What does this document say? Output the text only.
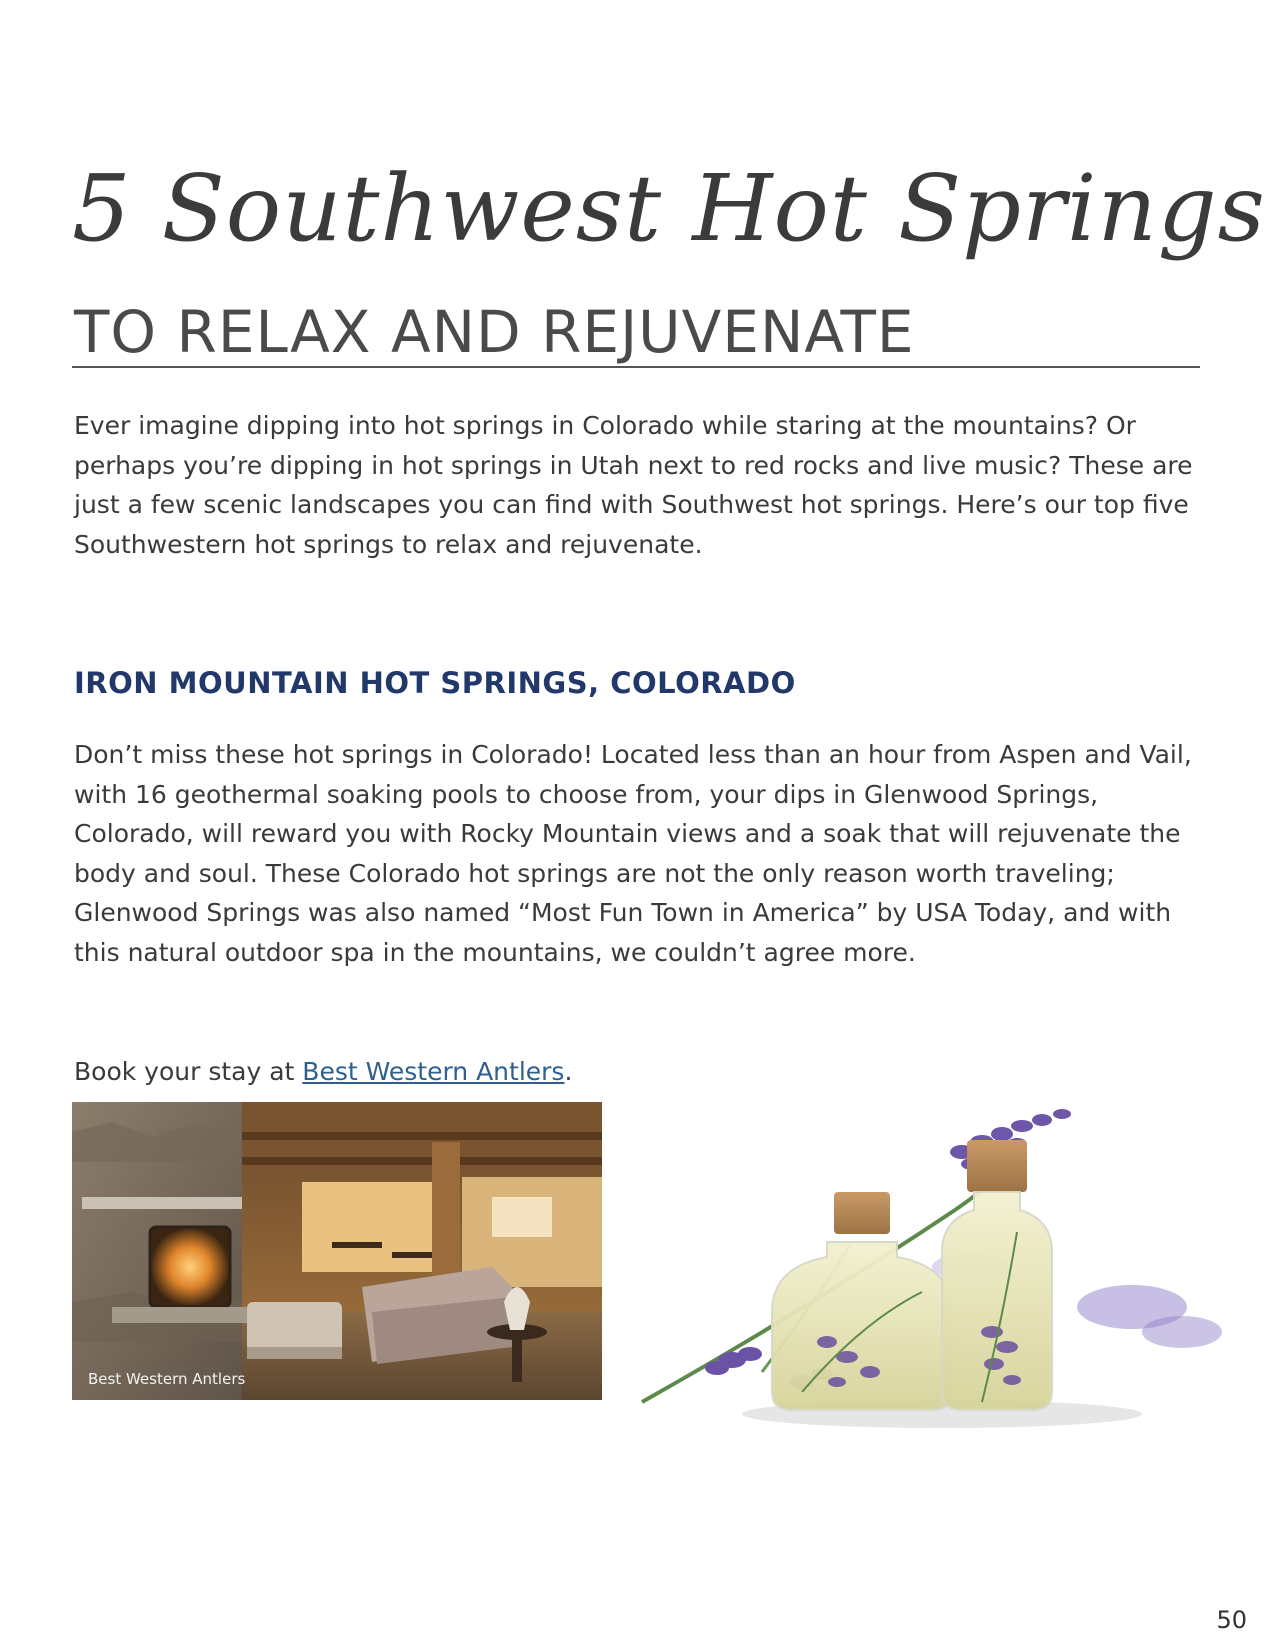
5 Southwest Hot Springs
TO RELAX AND REJUVENATE

Ever imagine dipping into hot springs in Colorado while staring at the mountains? Or perhaps you’re dipping in hot springs in Utah next to red rocks and live music? These are just a few scenic landscapes you can find with Southwest hot springs. Here’s our top five Southwestern hot springs to relax and rejuvenate.

IRON MOUNTAIN HOT SPRINGS, COLORADO

Don’t miss these hot springs in Colorado! Located less than an hour from Aspen and Vail, with 16 geothermal soaking pools to choose from, your dips in Glenwood Springs, Colorado, will reward you with Rocky Mountain views and a soak that will rejuvenate the body and soul. These Colorado hot springs are not the only reason worth traveling; Glenwood Springs was also named “Most Fun Town in America” by USA Today, and with this natural outdoor spa in the mountains, we couldn’t agree more.

Book your stay at Best Western Antlers.

Best Western Antlers
50
